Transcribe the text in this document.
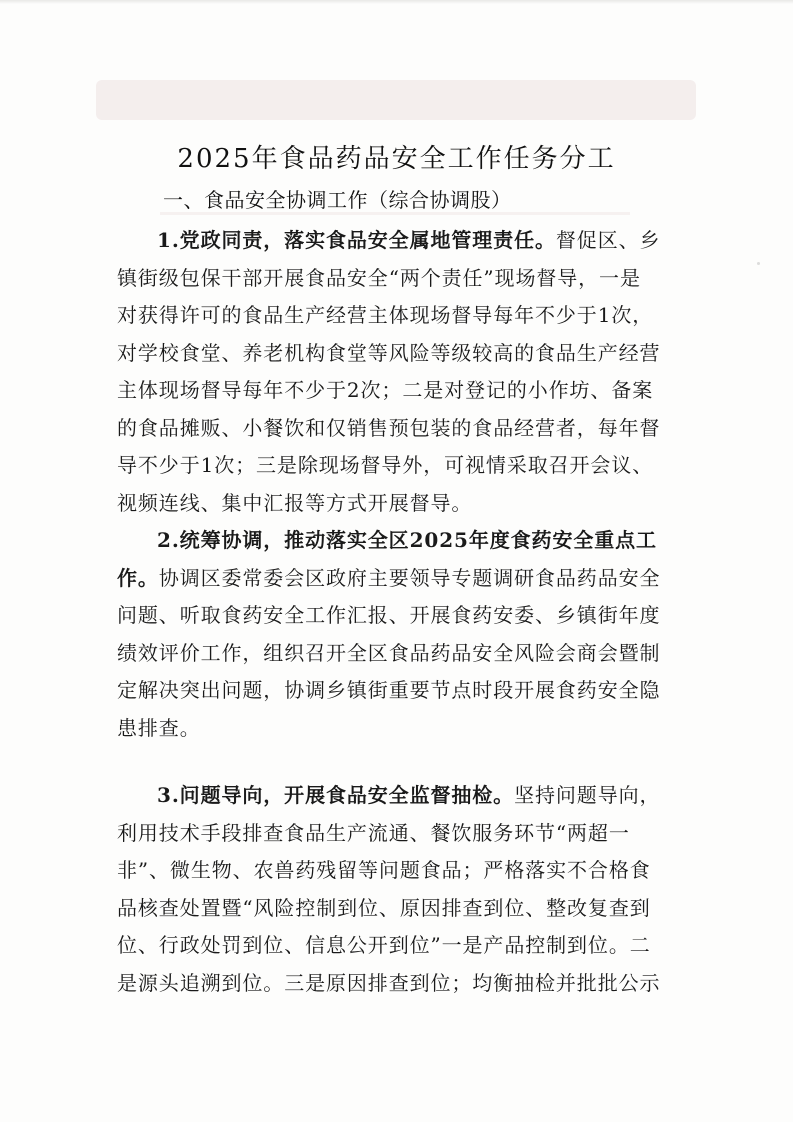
2025年食品药品安全工作任务分工
一、食品安全协调工作（综合协调股）
1.党政同责，落实食品安全属地管理责任。督促区、乡
镇街级包保干部开展食品安全“两个责任”现场督导，一是
对获得许可的食品生产经营主体现场督导每年不少于1次，
对学校食堂、养老机构食堂等风险等级较高的食品生产经营
主体现场督导每年不少于2次；二是对登记的小作坊、备案
的食品摊贩、小餐饮和仅销售预包装的食品经营者，每年督
导不少于1次；三是除现场督导外，可视情采取召开会议、
视频连线、集中汇报等方式开展督导。
2.统筹协调，推动落实全区2025年度食药安全重点工
作。协调区委常委会区政府主要领导专题调研食品药品安全
问题、听取食药安全工作汇报、开展食药安委、乡镇街年度
绩效评价工作，组织召开全区食品药品安全风险会商会暨制
定解决突出问题，协调乡镇街重要节点时段开展食药安全隐
患排查。
3.问题导向，开展食品安全监督抽检。坚持问题导向，
利用技术手段排查食品生产流通、餐饮服务环节“两超一
非”、微生物、农兽药残留等问题食品；严格落实不合格食
品核查处置暨“风险控制到位、原因排查到位、整改复查到
位、行政处罚到位、信息公开到位”一是产品控制到位。二
是源头追溯到位。三是原因排查到位；均衡抽检并批批公示
